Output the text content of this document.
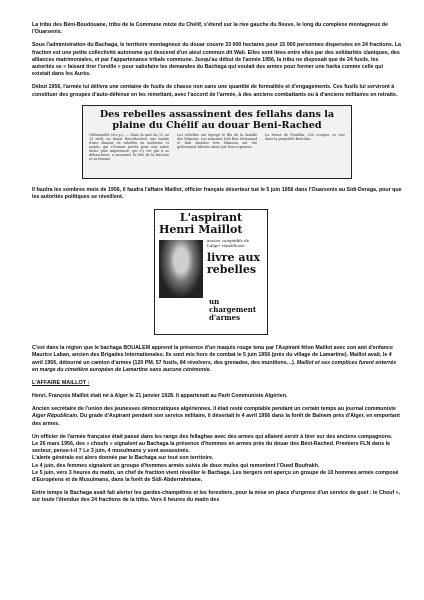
La tribu des Béni-Boudouane, tribu de la Commune mixte du Chélif, s'étend sur la rive gauche du fleuve, le long du complexe montagneux de l'Ouarsenis.

Sous l'administration du Bachaga, le territoire montagneux du douar couvre 33 000 hectares pour 15 000 personnes dispersées en 24 fractions. La fraction est une petite collectivité autonome qui descend d'un aïeul commun dit Wali. Elles sont liées entre elles par des solidarités claniques, des alliances matrimoniales, et par l'appartenance tribale commune. Jusqu'au début de l'année 1956, la tribu ne disposait que de 24 fusils, les autorités se « faisant tirer l'oreille » pour satisfaire les demandes du Bachaga qui voulait des armes pour former une harka comme celle qui existait dans les Aurès.

Début 1956, l'armée lui délivra une centaine de fusils de chasse non sans une quantité de formalités et d'engagements. Ces fusils lui serviront à constituer des groupes d'auto-défense en les remettant, avec l'accord de l'armée, à des anciens combattants ou à d'anciens militaires en retraite.

Des rebelles assassinent des fellahs dans la plaine du Chélif au douar Beni-Rached
Orléansville (d.s.p.). — Dans la nuit du 12 au 13 avril, au douar Beni-Rached, une bande d'une dizaine de rebelles en uniforme et armés, qui s'étaient portés pour une autre tâche plus importante, qui s'y est plu à se débarrasser, a assassiné la tête de la fraction et sa femme.
Les rebelles ont égorgé le fils de la famille des Mimoun. Les nommés Dali Ben Mohamed et Dali Kouider ben Mimoun ont été grièvement blessés ainsi que leurs épouses.
La ferme de Pontéba, 250 croquis, ce soir dans la propriété Bentaha...

Il faudra les sombres mois de 1956, il faudra l'affaire Maillot, officier français déserteur tué le 5 juin 1956 dans l'Ouarsenis au Sidi-Deraga, pour que les autorités politiques se réveillent.

L'aspirant
Henri Maillot
ancien comptable de l'Alger républicain
livre aux rebelles
un chargement d'armes

C'est dans la région que le bachaga BOUALEM apprend la présence d'un maquis rouge tenu par l'Aspirant félon Maillot avec son ami d'enfance Maurice Laban, ancien des Brigades Internationales. Ils sont mis hors de combat le 5 juin 1956 (près du village de Lamartine). Maillot avait, le 4 avril 1956, détourné un camion d'armes (120 PM, 57 fusils, 84 révolvers, des grenades, des munitions…). Maillot et ses complices furent enterrés en marge du cimetière européen de Lamartine sans aucune cérémonie.

L'AFFAIRE MAILLOT :

Henri, François Maillot était né à Alger le 21 janvier 1928. Il appartenait au Parti Communiste Algérien.

Ancien secrétaire de l'union des jeunesses démocratiques algériennes, il était resté comptable pendant un certain temps au journal communiste Alger Républicain. Du grade d'Aspirant pendant son service militaire, il désertait le 4 avril 1956 dans la forêt de Baïnem près d'Alger, en emportant des armes.

Un officier de l'armée française était passé dans les rangs des fellaghas avec des armes qui allaient servir à tirer sur des anciens compagnons.

Le 26 mars 1956, des « choufs » signalent au Bachaga la présence d'hommes en armes près du douar des Béni-Rached. Premiers FLN dans le secteur, pense-t-il ? Le 3 juin, 4 musulmans y sont assassinés.

L'alerte générale est alors donnée par le Bachaga sur tout son territoire.

Le 4 juin, des femmes signalent un groupe d'hommes armés suivis de deux mules qui remontent l'Oued Boufrakh.

Le 5 juin, vers 3 heures du matin, un chef de fraction vient réveiller le Bachaga. Les bergers ont aperçu un groupe de 10 hommes armés composé d'Européens et de Musulmans, dans la forêt de Sidi-Abderrahmane.

Entre temps le Bachaga avait fait alerter les gardes-champêtres et les forestiers, pour la mise en place d'urgence d'un service de guet : le Chouf », sur toute l'étendue des 24 fractions de la tribu. Vers 6 heures du matin des
